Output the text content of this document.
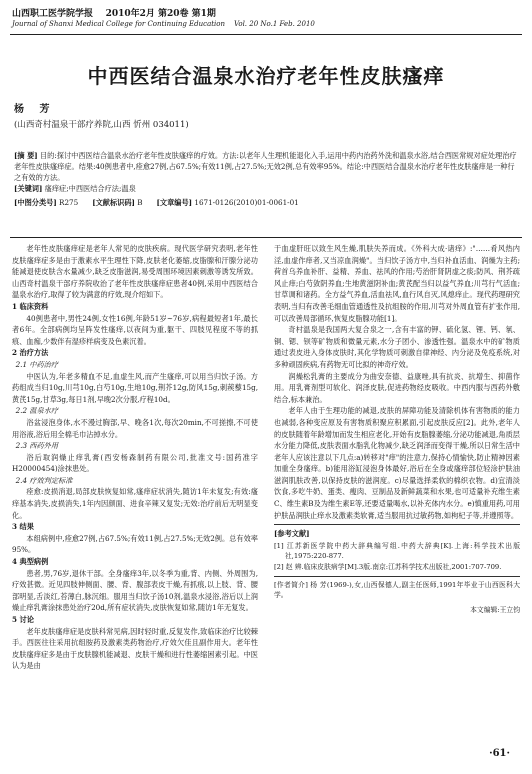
山西职工医学院学报 2010年2月 第20卷 第1期
Journal of Shanxi Medical College for Continuing Education Vol. 20 No.1 Feb. 2010
中西医结合温泉水治疗老年性皮肤瘙痒
杨 芳
(山西奇村温泉干部疗养院,山西 忻州 034011)
[摘 要] 目的:探讨中西医结合温泉水治疗老年性皮肤瘙痒的疗效。方法:以老年人生理机能退化入手,运用中药内治药外洗和温泉水浴,结合西医常规对症处理治疗老年性皮肤瘙痒症。结果:40例患者中,痊愈27例,占67.5%;有效11例,占27.5%;无效2例,总有效率95%。结论:中西医结合温泉水治疗老年性皮肤瘙痒是一种行之有效的方法。
[关键词] 瘙痒症;中西医结合疗法;温泉
[中图分类号] R275 [文献标识码] B [文章编号] 1671-0126(2010)01-0061-01

老年性皮肤瘙痒症是老年人常见的皮肤疾病。现代医学研究表明,老年性皮肤瘙痒症多是由于激素水平生理性下降,皮肤老化萎缩,皮脂腺和汗腺分泌功能减退使皮肤含水量减少,缺乏皮脂滋润,易受周围环境因素刺激等诱发所致。山西奇村温泉干部疗养院收治了老年性皮肤瘙痒症患者40例,采用中西医结合温泉水治疗,取得了较为满意的疗效,现介绍如下。

1 临床资料

40例患者中,男性24例,女性16例,年龄51岁~76岁,病程最短者1年,最长者6年。全部病例均呈阵发性瘙痒,以夜间为重,躯干、四肢见程度不等的抓痕、血痂,少数伴有湿疹样病变及色素沉着。

2 治疗方法

2.1 中药治疗

中医认为,年老多精血不足,血虚生风,而产生瘙痒,可以用当归饮子汤。方药组成当归10g,川芎10g,白芍10g,生地10g,荆芥12g,防风15g,刺蒺藜15g,黄芪15g,甘草3g,每日1剂,早晚2次分服,疗程10d。

2.2 温泉水疗

浴盆浸泡身体,水不漫过胸部,早、晚各1次,每次20min,不可搓擦,不可使用浴液,浴后用全棉毛巾沾掉水分。

2.3 西药外用

浴后取润燥止痒乳膏(西安杨森制药有限公司,批准文号:国药准字H20000454)涂抹患处。

2.4 疗效判定标准

痊愈:皮损消退,局部皮肤恢复如常,瘙痒症状消失,随访1年未复发;有效:瘙痒基本消失,皮损消失,1年内因颜面、进食辛辣又复发;无效:治疗前后无明显变化。

3 结果

本组病例中,痊愈27例,占67.5%;有效11例,占27.5%;无效2例。总有效率95%。

4 典型病例

患者,男,76岁,退休干部。全身瘙痒3年,以冬季为重,背、内侧、外周围为,疗效甚微。近见四肢伸侧面、腰、背、腹部表皮干燥,有抓痕,以上肢、背、腰部明显,舌淡红,苔薄白,脉沉细。服用当归饮子汤10剂,温泉水浸浴,浴后以上润燥止痒乳膏涂抹患处治疗20d,所有症状消失,皮肤恢复如常,随访1年无复发。

5 讨论

老年皮肤瘙痒症是皮肤科常见病,因时轻时重,反复发作,致临床治疗比较棘手。西医往往采用抗组胺药及激素类药物治疗,疗效欠佳且副作用大。老年性皮肤瘙痒症多是由于皮肤腺机能减退、皮肤干燥和进行性萎缩困素引起。中医认为是由

于血虚肝旺以致生风生燥,肌肤失养而成。《外科大成·诸痒》:"……肴风热内淫,血虚作痒者,又当凉血润燥"。当归饮子汤方中,当归补血活血、润燥为主药;荷首乌养血补肝、益精、养血、祛风的作用;芍治肝肾阴虚之痰;防风、荆芥疏风止痒;白芍敛阴养血;生地黄滋阴补血;黄芪配当归以益气养血;川芎行气活血;甘草调和诸药。全方益气养血,活血祛风,血行风自灭,风熄痒止。现代药理研究表明,当归有改善毛细血管通透性及抗组胺的作用,川芎对外周血管有扩张作用,可以改善局部循环,恢复皮脂腺功能[1]。

奇村温泉是我国两大复合泉之一,含有丰富的钾、硫化氢、锂、钙、氡、铜、锶、钡等矿物质和微量元素,水分子团小、渗透性强。温泉水中的矿物质通过表皮进入身体皮肤时,其化学物质可刺激自律神经、内分泌及免疫系统,对多种顽固疾病,有药物无可比拟的神奇疗效。

润燥松乳膏的主要成分为曲安奈德、益康唑,具有抗炎、抗增生、抑菌作用。用乳膏剂型可软化、润泽皮肤,促进药物经皮吸收。中西内服与西药外敷结合,标本兼治。

老年人由于生理功能的减退,皮肤的屏障功能及清除机体有害物质的能力也减弱,各种变应原及有害物质积聚应积累面,引起皮肤反应[2]。此外,老年人的皮肤随着年龄增加而发生相应老化,开始有皮脂腺萎缩,分泌功能减退,角质层水分能力降低,皮肤表面水脂乳化物减少,缺乏润泽而变得干燥,所以日常生活中老年人应该注意以下几点:a)转移对"痒"的注意力,保持心情愉快,防止精神因素加重全身瘙痒。b)能用浴缸浸泡身体最好,浴后在全身或瘙痒部位轻涂护肤油滋润肌肤改善,以保持皮肤的滋润度。c)尽量选择柔软的棉织衣物。d)宜清淡饮食,多吃牛奶、蛋类、瘦肉、豆制品及新鲜蔬菜和水果,也可适量补充维生素C、维生素B及为维生素E等,还要适量喝水,以补充体内水分。e)慎重用药,可用护肤品润肤止痒水及激素类软膏,适当服用抗过敏药物,如枸杞子等,并遵照等。

[参考文献]

[1] 江苏新医学院中药大辞典编写组.中药大辞典[K].上海:科学技术出版社,1975:220-877.

[2] 赵 辨.临床皮肤病学[M].3版.南京:江苏科学技术出版社,2001:707-709.

[作者简介] 杨 芳(1969-),女,山西保德人,副主任医师,1991年毕业于山西医科大学。
本文编辑:王立钧
·61·
